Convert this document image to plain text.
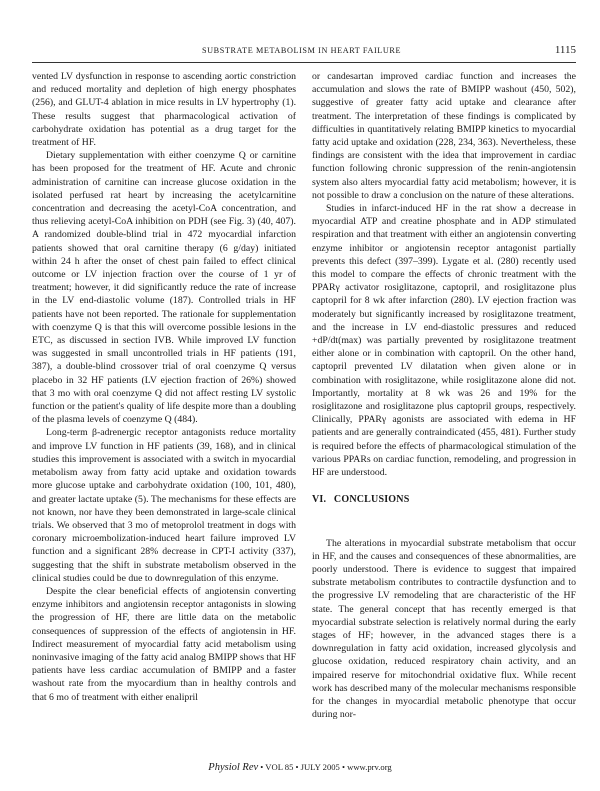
SUBSTRATE METABOLISM IN HEART FAILURE	1115

vented LV dysfunction in response to ascending aortic constriction and reduced mortality and depletion of high energy phosphates (256), and GLUT-4 ablation in mice results in LV hypertrophy (1). These results suggest that pharmacological activation of carbohydrate oxidation has potential as a drug target for the treatment of HF.

Dietary supplementation with either coenzyme Q or carnitine has been proposed for the treatment of HF. Acute and chronic administration of carnitine can increase glucose oxidation in the isolated perfused rat heart by increasing the acetylcarnitine concentration and decreasing the acetyl-CoA concentration, and thus relieving acetyl-CoA inhibition on PDH (see Fig. 3) (40, 407). A randomized double-blind trial in 472 myocardial infarction patients showed that oral carnitine therapy (6 g/day) initiated within 24 h after the onset of chest pain failed to effect clinical outcome or LV injection fraction over the course of 1 yr of treatment; however, it did significantly reduce the rate of increase in the LV end-diastolic volume (187). Controlled trials in HF patients have not been reported. The rationale for supplementation with coenzyme Q is that this will overcome possible lesions in the ETC, as discussed in section IVB. While improved LV function was suggested in small uncontrolled trials in HF patients (191, 387), a double-blind crossover trial of oral coenzyme Q versus placebo in 32 HF patients (LV ejection fraction of 26%) showed that 3 mo with oral coenzyme Q did not affect resting LV systolic function or the patient's quality of life despite more than a doubling of the plasma levels of coenzyme Q (484).

Long-term β-adrenergic receptor antagonists reduce mortality and improve LV function in HF patients (39, 168), and in clinical studies this improvement is associated with a switch in myocardial metabolism away from fatty acid uptake and oxidation towards more glucose uptake and carbohydrate oxidation (100, 101, 480), and greater lactate uptake (5). The mechanisms for these effects are not known, nor have they been demonstrated in large-scale clinical trials. We observed that 3 mo of metoprolol treatment in dogs with coronary microembolization-induced heart failure improved LV function and a significant 28% decrease in CPT-I activity (337), suggesting that the shift in substrate metabolism observed in the clinical studies could be due to downregulation of this enzyme.

Despite the clear beneficial effects of angiotensin converting enzyme inhibitors and angiotensin receptor antagonists in slowing the progression of HF, there are little data on the metabolic consequences of suppression of the effects of angiotensin in HF. Indirect measurement of myocardial fatty acid metabolism using noninvasive imaging of the fatty acid analog BMIPP shows that HF patients have less cardiac accumulation of BMIPP and a faster washout rate from the myocardium than in healthy controls and that 6 mo of treatment with either enalipril

or candesartan improved cardiac function and increases the accumulation and slows the rate of BMIPP washout (450, 502), suggestive of greater fatty acid uptake and clearance after treatment. The interpretation of these findings is complicated by difficulties in quantitatively relating BMIPP kinetics to myocardial fatty acid uptake and oxidation (228, 234, 363). Nevertheless, these findings are consistent with the idea that improvement in cardiac function following chronic suppression of the renin-angiotensin system also alters myocardial fatty acid metabolism; however, it is not possible to draw a conclusion on the nature of these alterations.

Studies in infarct-induced HF in the rat show a decrease in myocardial ATP and creatine phosphate and in ADP stimulated respiration and that treatment with either an angiotensin converting enzyme inhibitor or angiotensin receptor antagonist partially prevents this defect (397–399). Lygate et al. (280) recently used this model to compare the effects of chronic treatment with the PPARγ activator rosiglitazone, captopril, and rosiglitazone plus captopril for 8 wk after infarction (280). LV ejection fraction was moderately but significantly increased by rosiglitazone treatment, and the increase in LV end-diastolic pressures and reduced +dP/dt(max) was partially prevented by rosiglitazone treatment either alone or in combination with captopril. On the other hand, captopril prevented LV dilatation when given alone or in combination with rosiglitazone, while rosiglitazone alone did not. Importantly, mortality at 8 wk was 26 and 19% for the rosiglitazone and rosiglitazone plus captopril groups, respectively. Clinically, PPARγ agonists are associated with edema in HF patients and are generally contraindicated (455, 481). Further study is required before the effects of pharmacological stimulation of the various PPARs on cardiac function, remodeling, and progression in HF are understood.

VI. CONCLUSIONS

The alterations in myocardial substrate metabolism that occur in HF, and the causes and consequences of these abnormalities, are poorly understood. There is evidence to suggest that impaired substrate metabolism contributes to contractile dysfunction and to the progressive LV remodeling that are characteristic of the HF state. The general concept that has recently emerged is that myocardial substrate selection is relatively normal during the early stages of HF; however, in the advanced stages there is a downregulation in fatty acid oxidation, increased glycolysis and glucose oxidation, reduced respiratory chain activity, and an impaired reserve for mitochondrial oxidative flux. While recent work has described many of the molecular mechanisms responsible for the changes in myocardial metabolic phenotype that occur during nor-

Physiol Rev • VOL 85 • JULY 2005 • www.prv.org
